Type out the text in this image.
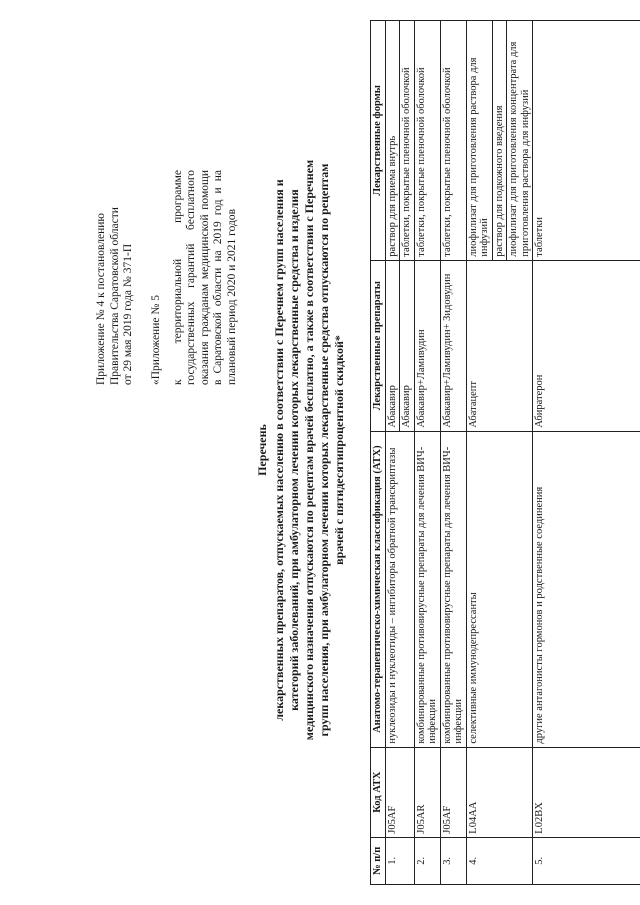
Приложение № 4 к постановлению Правительства Саратовской области от 29 мая 2019 года № 371-П «Приложение № 5 к территориальной программе государственных гарантий бесплатного оказания гражданам медицинской помощи в Саратовской области на 2019 год и на плановый период 2020 и 2021 годов
Перечень лекарственных препаратов, отпускаемых населению в соответствии с Перечнем групп населения и категорий заболеваний, при амбулаторном лечении которых лекарственные средства и изделия медицинского назначения отпускаются по рецептам врачей бесплатно, а также в соответствии с Перечнем групп населения, при амбулаторном лечении которых лекарственные средства отпускаются по рецептам врачей с пятидесятипроцентной скидкой*
№ п/п	Код АТХ	Анатомо-терапевтическо-химическая классификация (АТХ)	Лекарственные препараты	Лекарственные формы
1.	J05AF	нуклеозиды и нуклеотиды – ингибиторы обратной транскриптазы	Абакавир	раствор для приема внутрь
			Абакавир	таблетки, покрытые пленочной оболочкой
2.	J05AR	комбинированные противовирусные препараты для лечения ВИЧ-инфекции	Абакавир+Ламивудин	таблетки, покрытые пленочной оболочкой
3.	J05AF	комбинированные противовирусные препараты для лечения ВИЧ-инфекции	Абакавир+Ламивудин+ Зидовудин	таблетки, покрытые пленочной оболочкой
4.	L04AA	селективные иммунодепрессанты	Абатацепт	лиофилизат для приготовления раствора для инфузий
				раствор для подкожного введения
				лиофилизат для приготовления концентрата для приготовления раствора для инфузий
5.	L02BX	другие антагонисты гормонов и родственные соединения	Абиратерон	таблетки
